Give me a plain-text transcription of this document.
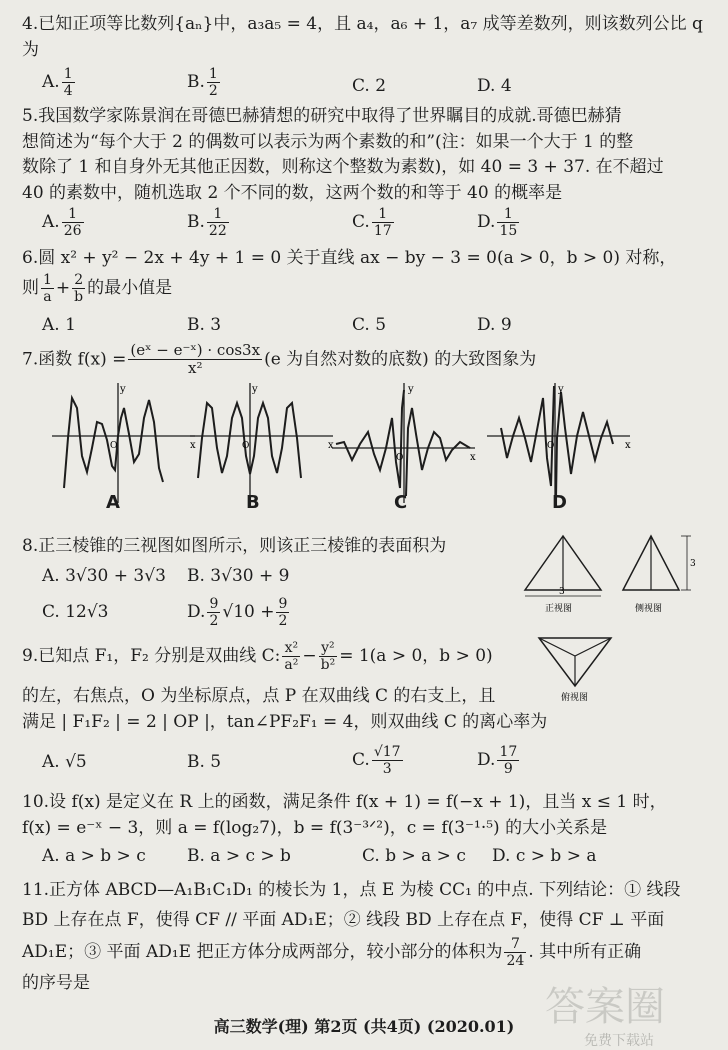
4.已知正项等比数列{aₙ}中，a₃a₅ = 4，且 a₄，a₆ + 1，a₇ 成等差数列，则该数列公比 q
为
A. $\frac{1}{4}$	B. $\frac{1}{2}$	C. 2	D. 4
5.我国数学家陈景润在哥德巴赫猜想的研究中取得了世界瞩目的成就.哥德巴赫猜
想简述为“每个大于 2 的偶数可以表示为两个素数的和”(注：如果一个大于 1 的整
数除了 1 和自身外无其他正因数，则称这个整数为素数)，如 40 = 3 + 37. 在不超过
40 的素数中，随机选取 2 个不同的数，这两个数的和等于 40 的概率是
A. $\frac{1}{26}$	B. $\frac{1}{22}$	C. $\frac{1}{17}$	D. $\frac{1}{15}$
6.圆 x² + y² − 2x + 4y + 1 = 0 关于直线 ax − by − 3 = 0(a > 0，b > 0) 对称，
则 $\frac{1}{a} + \frac{2}{b}$ 的最小值是
A. 1	B. 3	C. 5	D. 9
7.函数 $f(x) = \frac{\text{(eˣ − e⁻ˣ) · cos3x}}{\text{x²}} (e$ 为自然对数的底数) 的大致图象为
y
x
O
A
y
x
O
B
y
x
O
C
y
x
O
D
8.正三棱锥的三视图如图所示，则该正三棱锥的表面积为
A. 3√30 + 3√3 B. 3√30 + 9
C. 12√3	D. $\frac{9}{2} √10 + \frac{9}{2}$
3
正视图
3
侧视图
俯视图
9.已知点 F₁，F₂ 分别是双曲线 C: $\frac{\text{x²}}{\text{a²}} - \frac{\text{y²}}{\text{b²}} = 1(a > 0$，b > 0)
的左，右焦点，O 为坐标原点，点 P 在双曲线 C 的右支上，且
满足 | F₁F₂ | = 2 | OP |，tan∠PF₂F₁ = 4，则双曲线 C 的离心率为
A. √5	B. 5	C. $\frac{√17}{3}$	D. $\frac{17}{9}$
10.设 f(x) 是定义在 R 上的函数，满足条件 f(x + 1) = f(−x + 1)，且当 x ≤ 1 时，
f(x) = e⁻ˣ − 3，则 a = f(log₂7)，b = f(3⁻³ᐟ²)，c = f(3⁻¹·⁵) 的大小关系是
A. a > b > c B. a > c > b	C. b > a > c D. c > b > a
11.正方体 ABCD—A₁B₁C₁D₁ 的棱长为 1，点 E 为棱 CC₁ 的中点. 下列结论：① 线段
BD 上存在点 F，使得 CF // 平面 AD₁E；② 线段 BD 上存在点 F，使得 CF ⊥ 平面
AD₁E；③ 平面 AD₁E 把正方体分成两部分，较小部分的体积为 $\frac{7}{24}$ . 其中所有正确
的序号是
答案圈
免费下载站
高三数学(理) 第2页 (共4页) (2020.01)
